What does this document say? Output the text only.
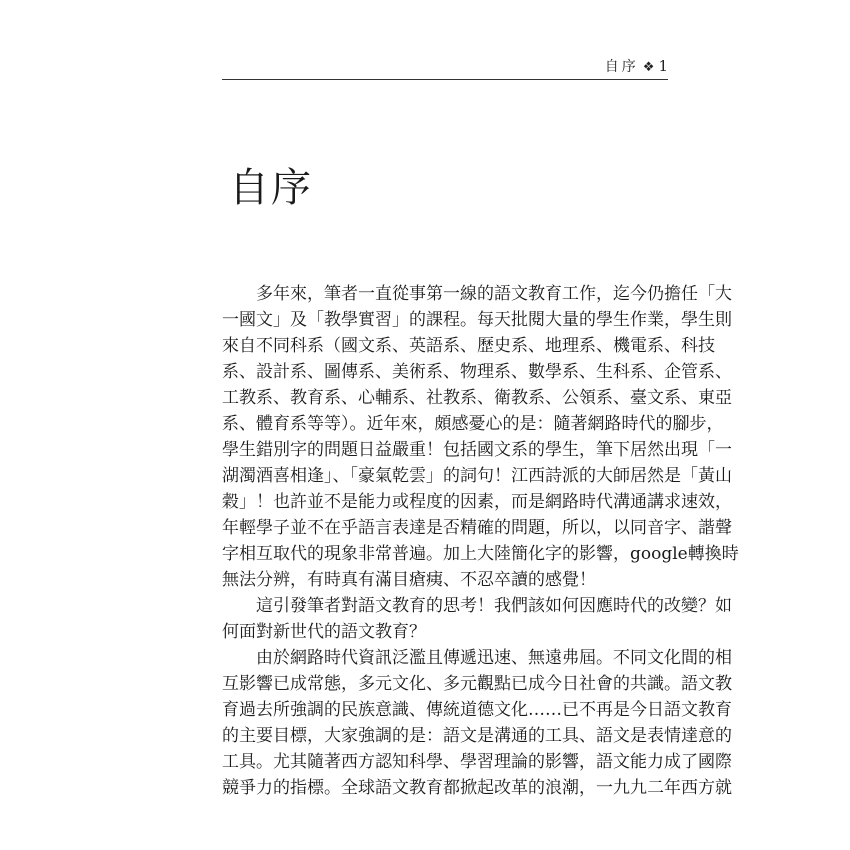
自序 ❖ 1
自序
多年來，筆者一直從事第一線的語文教育工作，迄今仍擔任「大
一國文」及「教學實習」的課程。每天批閱大量的學生作業，學生則
來自不同科系（國文系、英語系、歷史系、地理系、機電系、科技
系、設計系、圖傳系、美術系、物理系、數學系、生科系、企管系、
工教系、教育系、心輔系、社教系、衛教系、公領系、臺文系、東亞
系、體育系等等）。近年來，頗感憂心的是：隨著網路時代的腳步，
學生錯別字的問題日益嚴重！包括國文系的學生，筆下居然出現「一
湖濁酒喜相逢」、「豪氣乾雲」的詞句！江西詩派的大師居然是「黃山
穀」！也許並不是能力或程度的因素，而是網路時代溝通講求速效，
年輕學子並不在乎語言表達是否精確的問題，所以，以同音字、諧聲
字相互取代的現象非常普遍。加上大陸簡化字的影響，google轉換時
無法分辨，有時真有滿目瘡痍、不忍卒讀的感覺！
這引發筆者對語文教育的思考！我們該如何因應時代的改變？如
何面對新世代的語文教育？
由於網路時代資訊泛濫且傳遞迅速、無遠弗屆。不同文化間的相
互影響已成常態，多元文化、多元觀點已成今日社會的共識。語文教
育過去所強調的民族意識、傳統道德文化……已不再是今日語文教育
的主要目標，大家強調的是：語文是溝通的工具、語文是表情達意的
工具。尤其隨著西方認知科學、學習理論的影響，語文能力成了國際
競爭力的指標。全球語文教育都掀起改革的浪潮，一九九二年西方就
